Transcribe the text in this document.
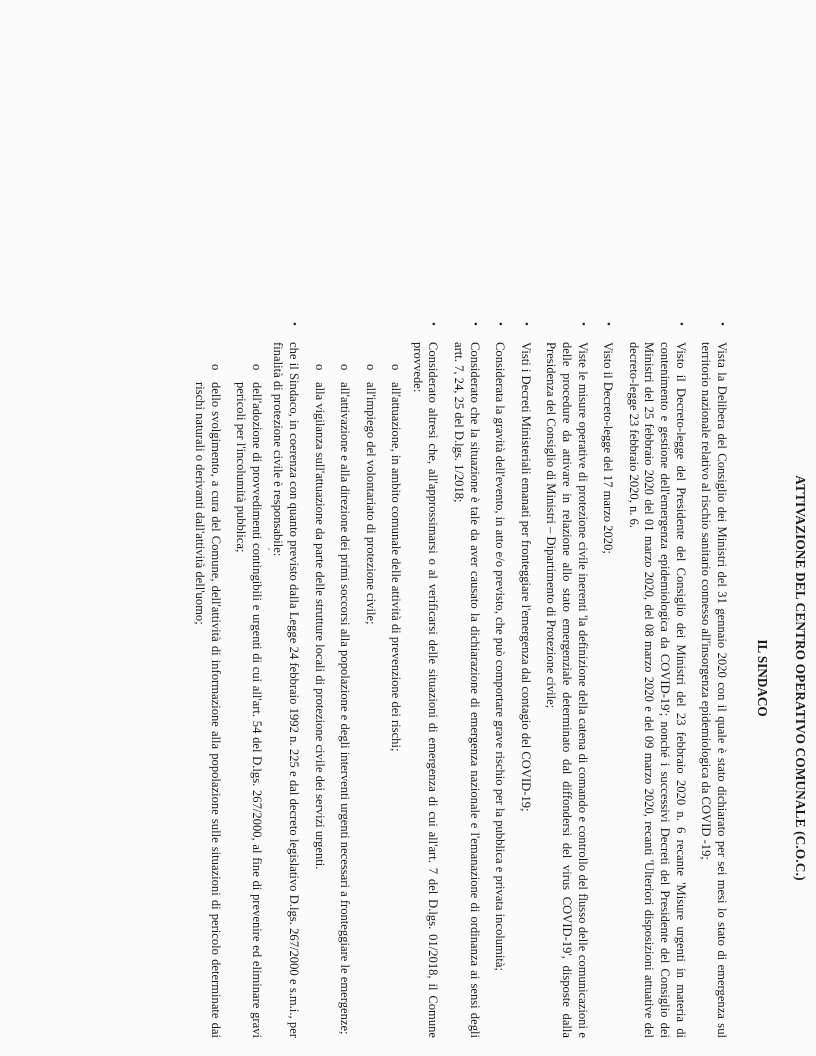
ATTIVAZIONE DEL CENTRO OPERATIVO COMUNALE (C.O.C.)
IL SINDACO
•
Vista la Delibera del Consiglio dei Ministri del 31 gennaio 2020 con il quale è stato dichiarato per sei mesi lo stato di emergenza sul territorio nazionale relativo al rischio sanitario connesso all'insorgenza epidemiologica da COVID -19;
•
Visto il Decreto-legge del Presidente del Consiglio dei Ministri del 23 febbraio 2020 n. 6 recante 'Misure urgenti in materia di contenimento e gestione dell'emergenza epidemiologica da COVID-19'; nonché i successivi Decreti del Presidente del Consiglio dei Ministri del 25 febbraio 2020 del 01 marzo 2020, del 08 marzo 2020 e del 09 marzo 2020, recanti 'Ulteriori disposizioni attuative del decreto-legge 23 febbraio 2020, n. 6.
•
Visto il Decreto-legge del 17 marzo 2020;
•
Viste le misure operative di protezione civile inerenti 'la definizione della catena di comando e controllo del flusso delle comunicazioni e delle procedure da attivare in relazione allo stato emergenziale determinato dal diffondersi del virus COVID-19', disposte dalla Presidenza del Consiglio di Ministri – Dipartimento di Protezione civile;
•
Visti i Decreti Ministeriali emanati per fronteggiare l'emergenza dal contagio del COVID-19;
•
Considerata la gravità dell'evento, in atto e/o previsto, che può comportare grave rischio per la pubblica e privata incolumità;
•
Considerato che la situazione è tale da aver causato la dichiarazione di emergenza nazionale e l'emanazione di ordinanza ai sensi degli artt. 7, 24, 25 del D.lgs. 1/2018;
•
Considerato altresì che, all'approssimarsi o al verificarsi delle situazioni di emergenza di cui all'art. 7 del D.lgs. 01/2018, il Comune provvede:
o
all'attuazione, in ambito comunale delle attività di prevenzione dei rischi;
o
all'impiego del volontariato di protezione civile;
o
all'attivazione e alla direzione dei primi soccorsi alla popolazione e degli interventi urgenti necessari a fronteggiare le emergenze;
o
alla vigilanza sull'attuazione da parte delle strutture locali di protezione civile dei servizi urgenti.
•
che il Sindaco, in coerenza con quanto previsto dalla Legge 24 febbraio 1992 n. 225 e dal decreto legislativo D.lgs. 267/2000 e s.m.i., per finalità di protezione civile è responsabile:
o
dell'adozione di provvedimenti contingibili e urgenti di cui all'art. 54 del D.lgs. 267/2000, al fine di prevenire ed eliminare gravi pericoli per l'incolumità pubblica;
o
dello svolgimento, a cura del Comune, dell'attività di informazione alla popolazione sulle situazioni di pericolo determinate dai rischi naturali o derivanti dall'attività dell'uomo;
